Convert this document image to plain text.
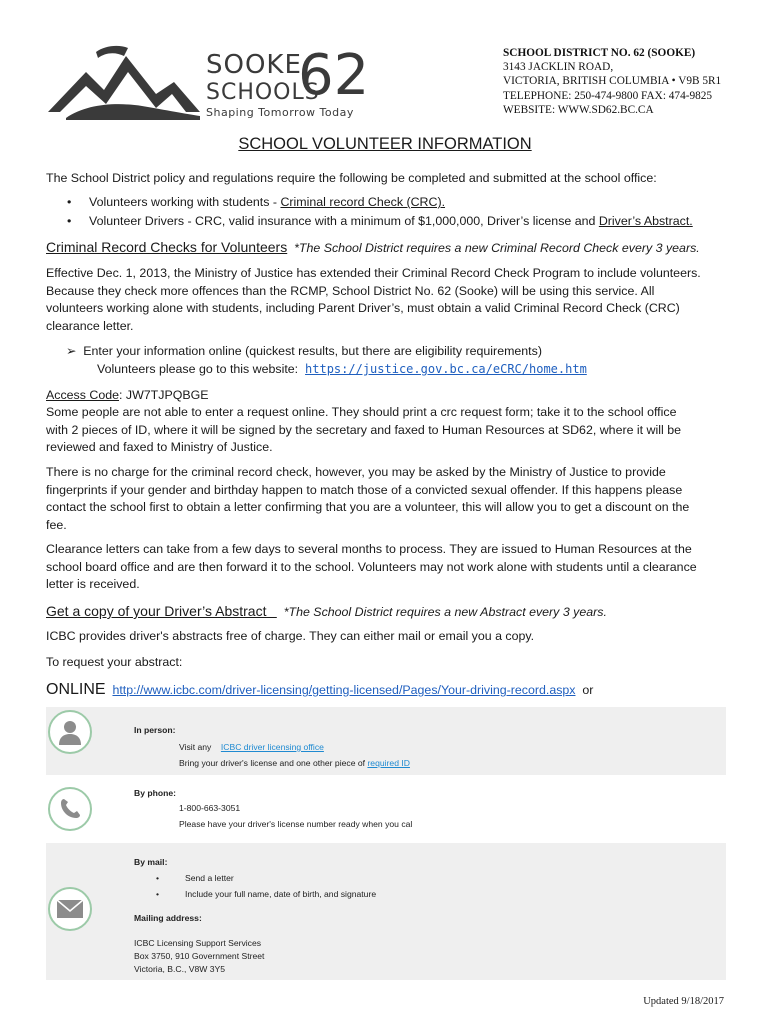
SOOKE
SCHOOLS
62
Shaping Tomorrow Today
SCHOOL DISTRICT NO. 62 (SOOKE)
3143 JACKLIN ROAD,
VICTORIA, BRITISH COLUMBIA • V9B 5R1
TELEPHONE: 250-474-9800 FAX: 474-9825
WEBSITE: WWW.SD62.BC.CA
SCHOOL VOLUNTEER INFORMATION
The School District policy and regulations require the following be completed and submitted at the school office:
• Volunteers working with students - Criminal record Check (CRC).
• Volunteer Drivers - CRC, valid insurance with a minimum of $1,000,000, Driver’s license and Driver’s Abstract.
Criminal Record Checks for Volunteers *The School District requires a new Criminal Record Check every 3 years.
Effective Dec. 1, 2013, the Ministry of Justice has extended their Criminal Record Check Program to include volunteers.
Because they check more offences than the RCMP, School District No. 62 (Sooke) will be using this service. All
volunteers working alone with students, including Parent Driver’s, must obtain a valid Criminal Record Check (CRC)
clearance letter.
➢ Enter your information online (quickest results, but there are eligibility requirements)
Volunteers please go to this website: https://justice.gov.bc.ca/eCRC/home.htm
Access Code: JW7TJPQBGE
Some people are not able to enter a request online. They should print a crc request form; take it to the school office
with 2 pieces of ID, where it will be signed by the secretary and faxed to Human Resources at SD62, where it will be
reviewed and faxed to Ministry of Justice.
There is no charge for the criminal record check, however, you may be asked by the Ministry of Justice to provide
fingerprints if your gender and birthday happen to match those of a convicted sexual offender. If this happens please
contact the school first to obtain a letter confirming that you are a volunteer, this will allow you to get a discount on the
fee.
Clearance letters can take from a few days to several months to process. They are issued to Human Resources at the
school board office and are then forward it to the school. Volunteers may not work alone with students until a clearance
letter is received.
Get a copy of your Driver’s Abstract *The School District requires a new Abstract every 3 years.
ICBC provides driver's abstracts free of charge. They can either mail or email you a copy.
To request your abstract:
ONLINE http://www.icbc.com/driver-licensing/getting-licensed/Pages/Your-driving-record.aspx or
In person:
Visit any ICBC driver licensing office
Bring your driver's license and one other piece of required ID
By phone:
1-800-663-3051
Please have your driver's license number ready when you cal
By mail:
•	Send a letter
•	Include your full name, date of birth, and signature
Mailing address:
ICBC Licensing Support Services
Box 3750, 910 Government Street
Victoria, B.C., V8W 3Y5
Updated 9/18/2017
